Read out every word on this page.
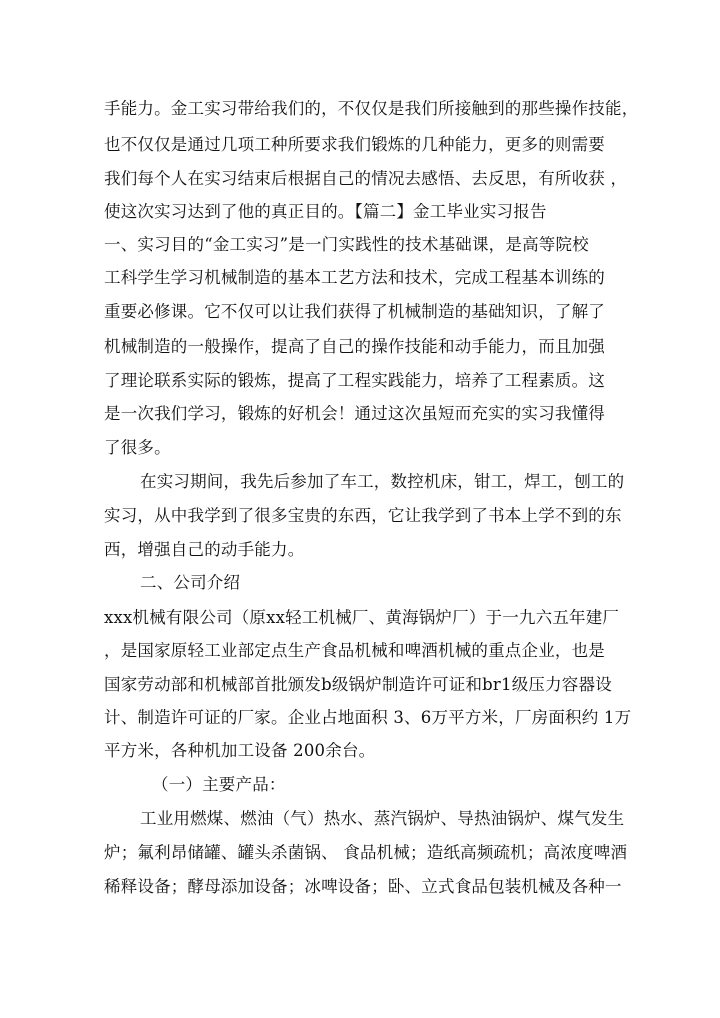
手能力。金工实习带给我们的，不仅仅是我们所接触到的那些操作技能，
也不仅仅是通过几项工种所要求我们锻炼的几种能力，更多的则需要
我们每个人在实习结束后根据自己的情况去感悟、去反思，有所收获 ，
使这次实习达到了他的真正目的。【篇二】金工毕业实习报告
一、实习目的“金工实习”是一门实践性的技术基础课，是高等院校
工科学生学习机械制造的基本工艺方法和技术，完成工程基本训练的
重要必修课。它不仅可以让我们获得了机械制造的基础知识，了解了
机械制造的一般操作，提高了自己的操作技能和动手能力，而且加强
了理论联系实际的锻炼，提高了工程实践能力，培养了工程素质。这
是一次我们学习，锻炼的好机会！通过这次虽短而充实的实习我懂得
了很多。
在实习期间，我先后参加了车工，数控机床，钳工，焊工，刨工的
实习，从中我学到了很多宝贵的东西，它让我学到了书本上学不到的东
西，增强自己的动手能力。
二、公司介绍
xxx机械有限公司（原xx轻工机械厂、黄海锅炉厂）于一九六五年建厂
，是国家原轻工业部定点生产食品机械和啤酒机械的重点企业，也是
国家劳动部和机械部首批颁发b级锅炉制造许可证和br1级压力容器设
计、制造许可证的厂家。企业占地面积 3、6万平方米，厂房面积约 1万
平方米，各种机加工设备 200余台。
（一）主要产品：
工业用燃煤、燃油（气）热水、蒸汽锅炉、导热油锅炉、煤气发生
炉；氟利昂储罐、罐头杀菌锅、 食品机械；造纸高频疏机；高浓度啤酒
稀释设备；酵母添加设备；冰啤设备；卧、立式食品包装机械及各种一
